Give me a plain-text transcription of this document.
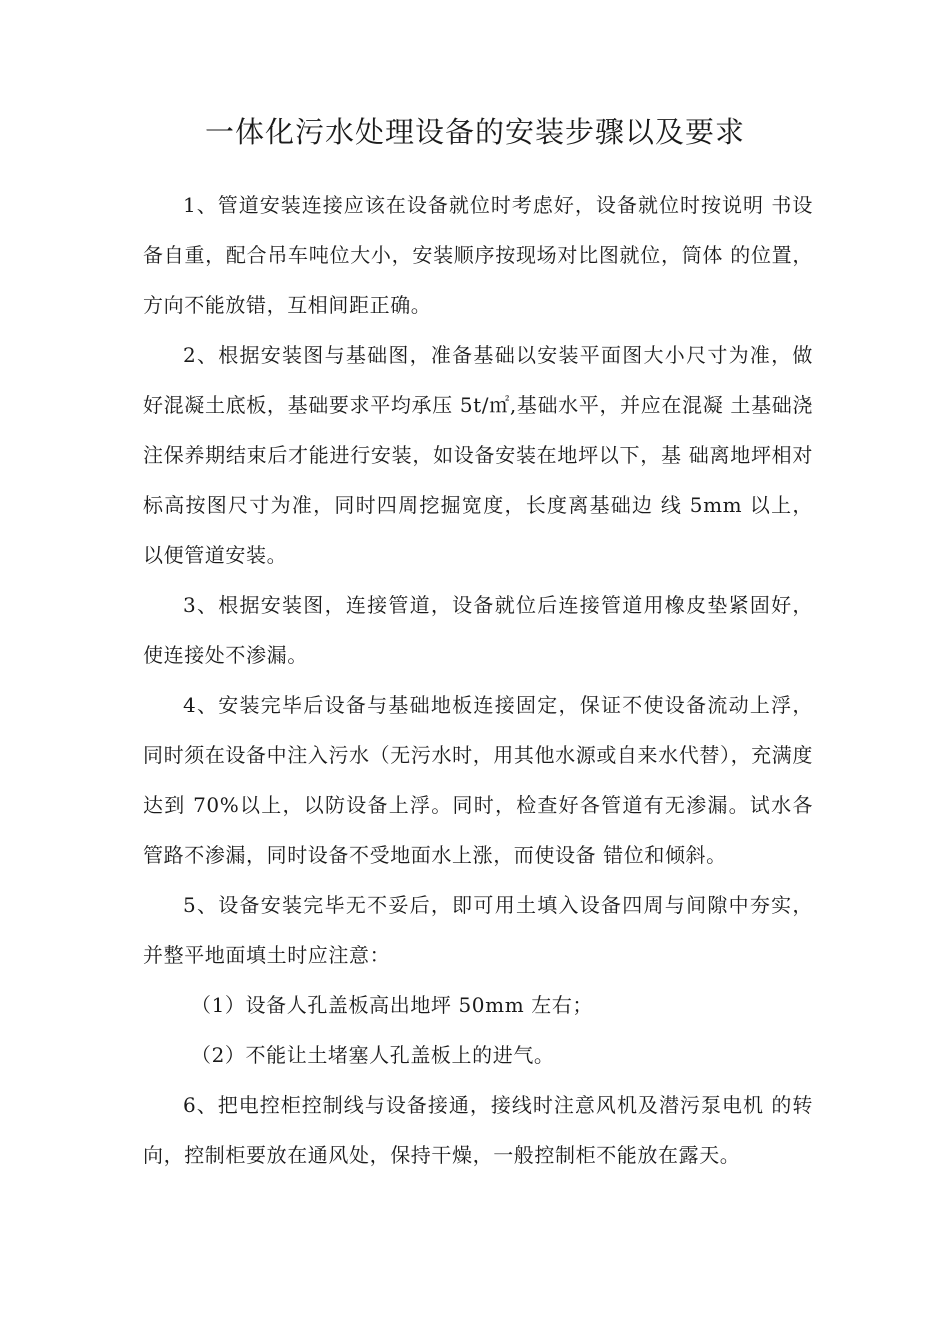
一体化污水处理设备的安装步骤以及要求

1、管道安装连接应该在设备就位时考虑好，设备就位时按说明 书设备自重，配合吊车吨位大小，安装顺序按现场对比图就位，筒体 的位置，方向不能放错，互相间距正确。

2、根据安装图与基础图，准备基础以安装平面图大小尺寸为准，做好混凝土底板，基础要求平均承压 5t/㎡,基础水平，并应在混凝 土基础浇注保养期结束后才能进行安装，如设备安装在地坪以下，基 础离地坪相对标高按图尺寸为准，同时四周挖掘宽度，长度离基础边 线 5mm 以上，以便管道安装。

3、根据安装图，连接管道，设备就位后连接管道用橡皮垫紧固好，使连接处不渗漏。

4、安装完毕后设备与基础地板连接固定，保证不使设备流动上浮，同时须在设备中注入污水（无污水时，用其他水源或自来水代替），充满度达到 70%以上，以防设备上浮。同时，检查好各管道有无渗漏。试水各管路不渗漏，同时设备不受地面水上涨，而使设备 错位和倾斜。

5、设备安装完毕无不妥后，即可用土填入设备四周与间隙中夯实，并整平地面填土时应注意：

（1）设备人孔盖板高出地坪 50mm 左右；

（2）不能让土堵塞人孔盖板上的进气。

6、把电控柜控制线与设备接通，接线时注意风机及潜污泵电机 的转向，控制柜要放在通风处，保持干燥，一般控制柜不能放在露天。
